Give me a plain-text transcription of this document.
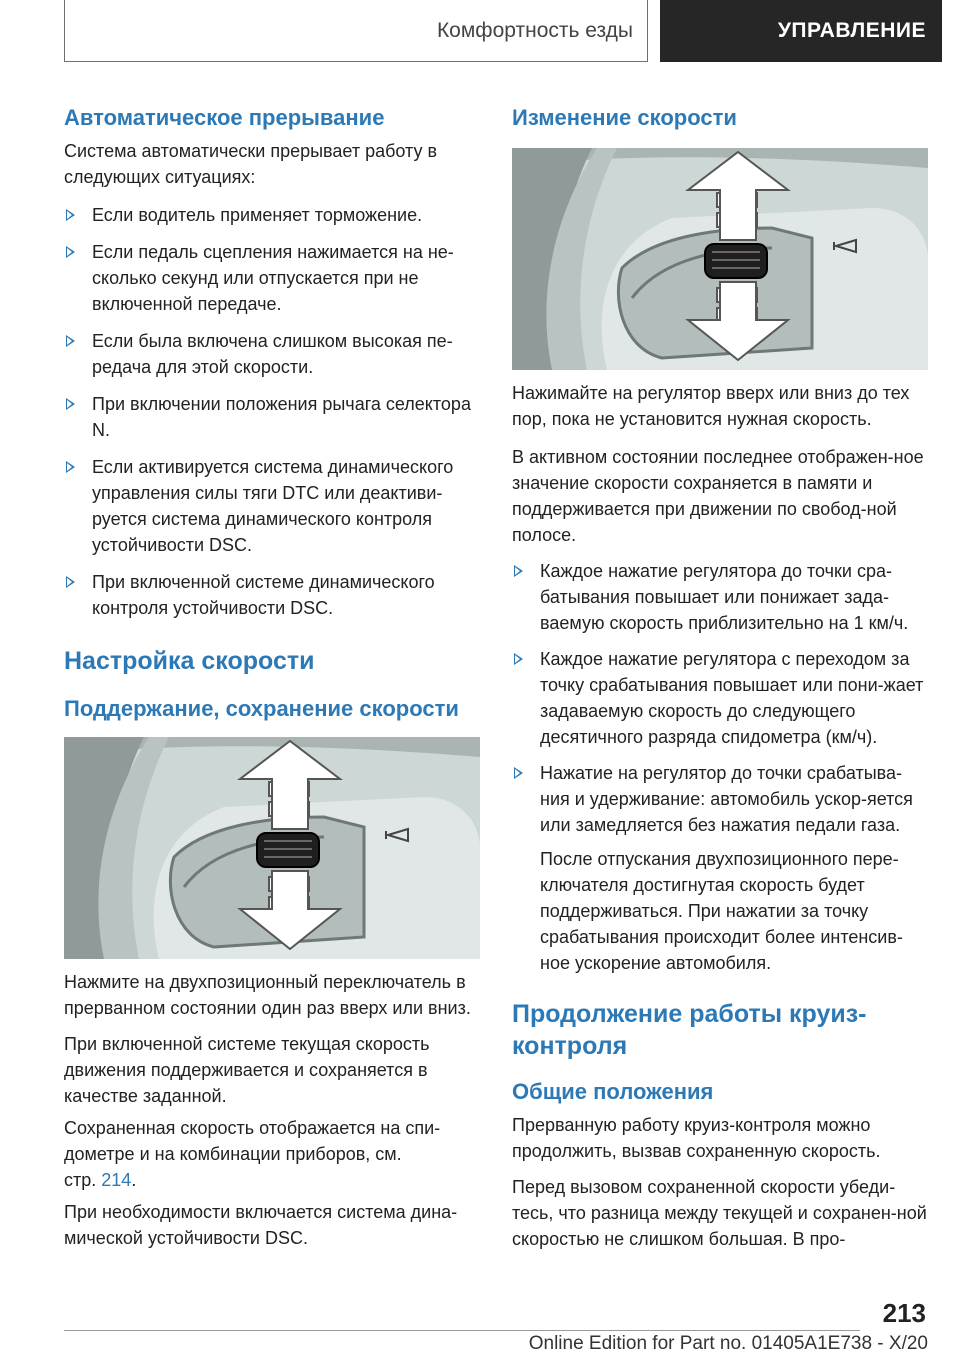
Комфортность езды	УПРАВЛЕНИЕ
Автоматическое прерывание

Система автоматически прерывает работу в следующих ситуациях:

Если водитель применяет торможение.
Если педаль сцепления нажимается на не-сколько секунд или отпускается при не включенной передаче.
Если была включена слишком высокая пе-редача для этой скорости.
При включении положения рычага селектора N.
Если активируется система динамического управления силы тяги DTC или деактиви-руется система динамического контроля устойчивости DSC.
При включенной системе динамического контроля устойчивости DSC.
Настройка скорости
Поддержание, сохранение скорости

Нажмите на двухпозиционный переключатель в прерванном состоянии один раз вверх или вниз.

При включенной системе текущая скорость движения поддерживается и сохраняется в качестве заданной.

Сохраненная скорость отображается на спи-дометре и на комбинации приборов, см.
стр. 214.

При необходимости включается система дина-мической устойчивости DSC.

Изменение скорости

Нажимайте на регулятор вверх или вниз до тех пор, пока не установится нужная скорость.

В активном состоянии последнее отображен-ное значение скорости сохраняется в памяти и поддерживается при движении по свобод-ной полосе.

Каждое нажатие регулятора до точки сра-батывания повышает или понижает зада-ваемую скорость приблизительно на 1 км/ч.
Каждое нажатие регулятора с переходом за точку срабатывания повышает или пони-жает задаваемую скорость до следующего десятичного разряда спидометра (км/ч).
Нажатие на регулятор до точки срабатыва-ния и удерживание: автомобиль ускор-яется или замедляется без нажатия педали газа.

После отпускания двухпозиционного пере-ключателя достигнутая скорость будет поддерживаться. При нажатии за точку срабатывания происходит более интенсив-ное ускорение автомобиля.

Продолжение работы круиз-контроля
Общие положения

Прерванную работу круиз-контроля можно продолжить, вызвав сохраненную скорость.

Перед вызовом сохраненной скорости убеди-тесь, что разница между текущей и сохранен-ной скоростью не слишком большая. В про-

213
Online Edition for Part no. 01405A1E738 - X/20
